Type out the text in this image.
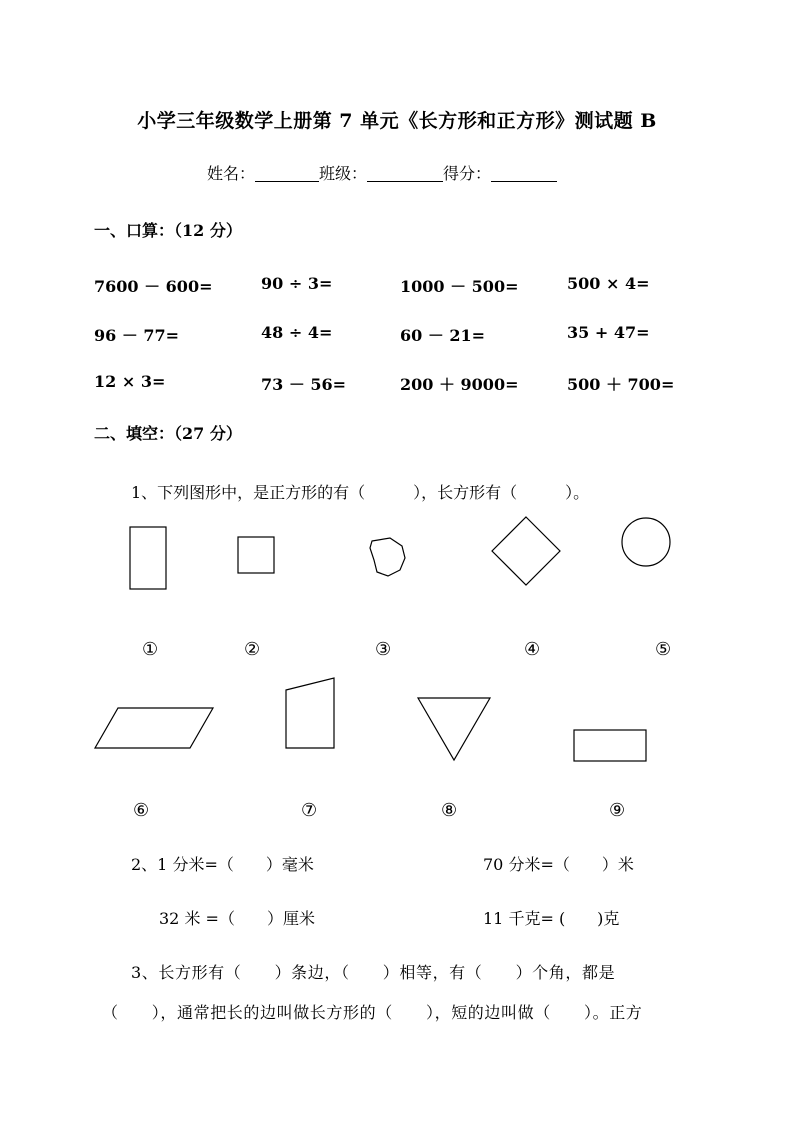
小学三年级数学上册第 7 单元《长方形和正方形》测试题 B
姓名：	班级：	得分：
一、口算：（12 分）
7600 － 600=	90 ÷ 3=	1000 － 500=	500 × 4=
96 － 77=	48 ÷ 4=	60 － 21=	35 + 47=
12 × 3=	73 － 56=	200 ＋ 9000=	500 ＋ 700=
二、填空：（27 分）
1、下列图形中，是正方形的有（　　　），长方形有（　　　）。
①	②	③	④	⑤
⑥	⑦	⑧	⑨
2、1 分米=（　　）毫米	70 分米=（　　）米
32 米 =（　　）厘米	11 千克= (　　)克
3、长方形有（　　）条边，（　　）相等，有（　　）个角，都是
（　　），通常把长的边叫做长方形的（　　），短的边叫做（　　）。正方
